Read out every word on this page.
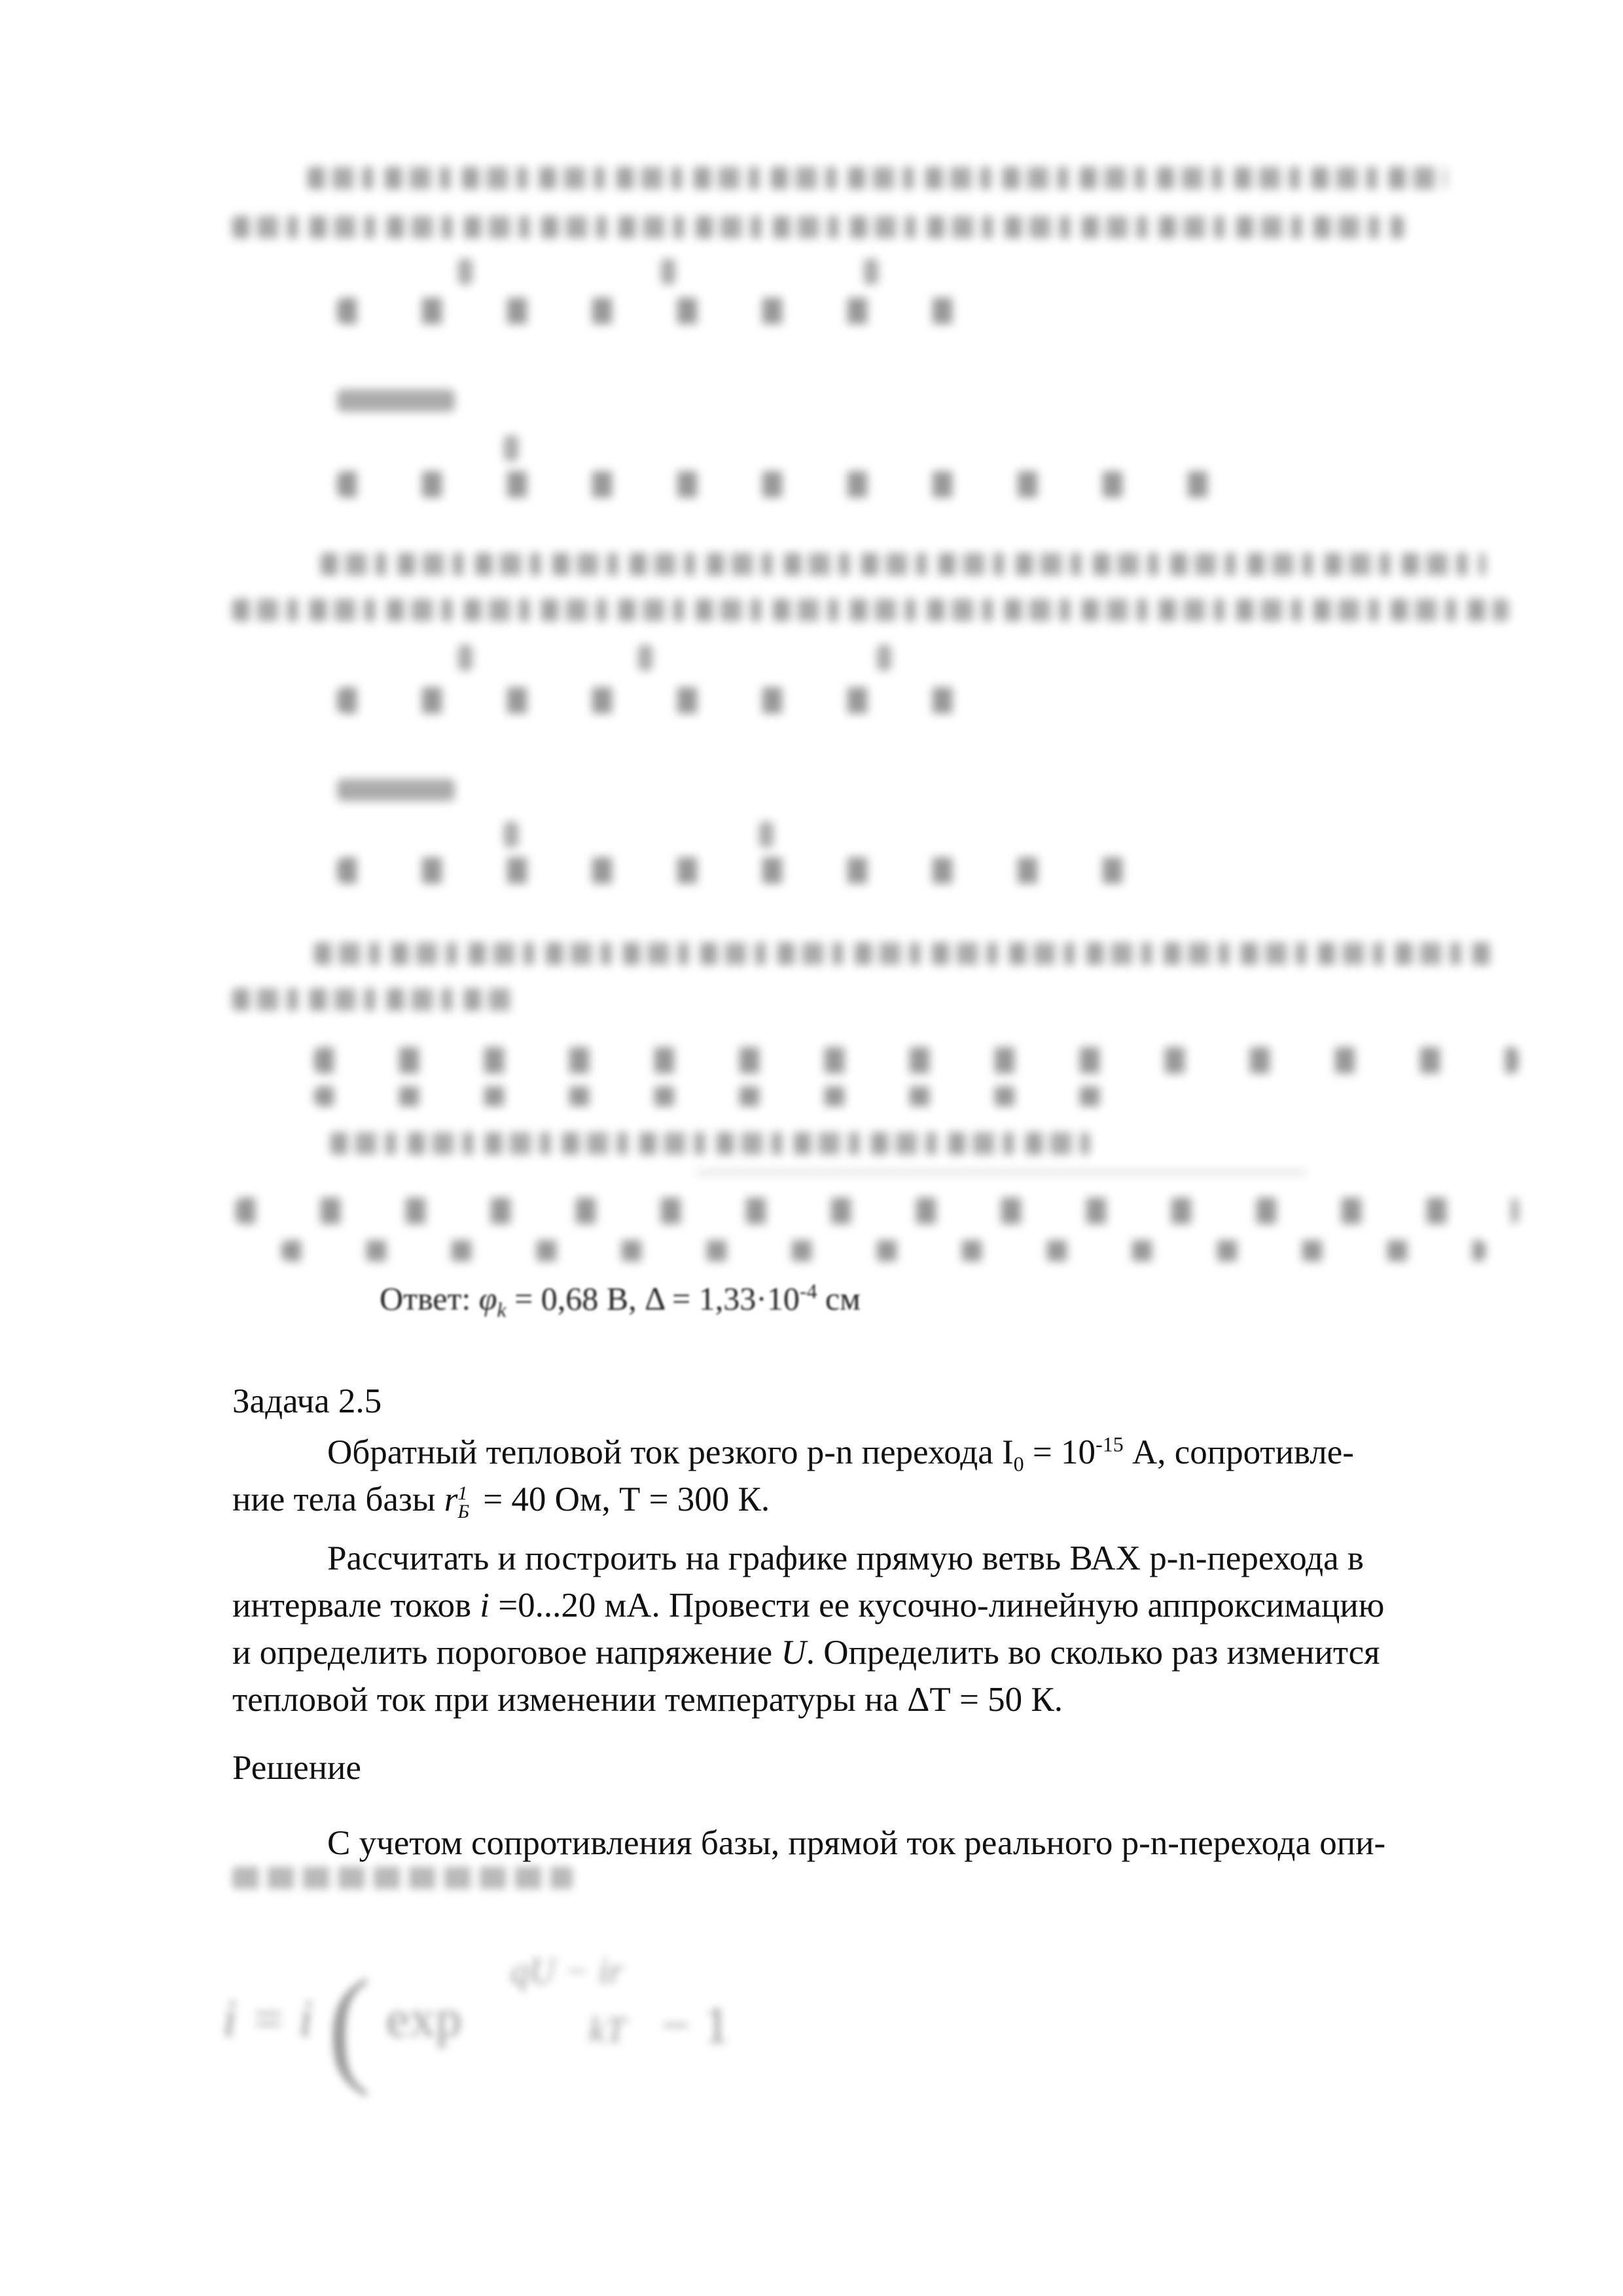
Ответ: $\varphi_k = 0,68$ В, $\Delta = 1,33\cdot 10^{-4}$ см
Задача 2.5
Обратный тепловой ток резкого p-n перехода $I_0 = 10^{-15}$ А, сопротивле-
ние тела базы r 1
Б = 40 Ом, Т = 300 К.
Рассчитать и построить на графике прямую ветвь ВАХ p-n-перехода в
интервале токов i =0...20 мА. Провести ее кусочно-линейную аппроксимацию
и определить пороговое напряжение U. Определить во сколько раз изменится
тепловой ток при изменении температуры на ΔТ = 50 К.
Решение
С учетом сопротивления базы, прямой ток реального p-n-перехода опи-
i = i ( exp
qU − ir
kT − 1
